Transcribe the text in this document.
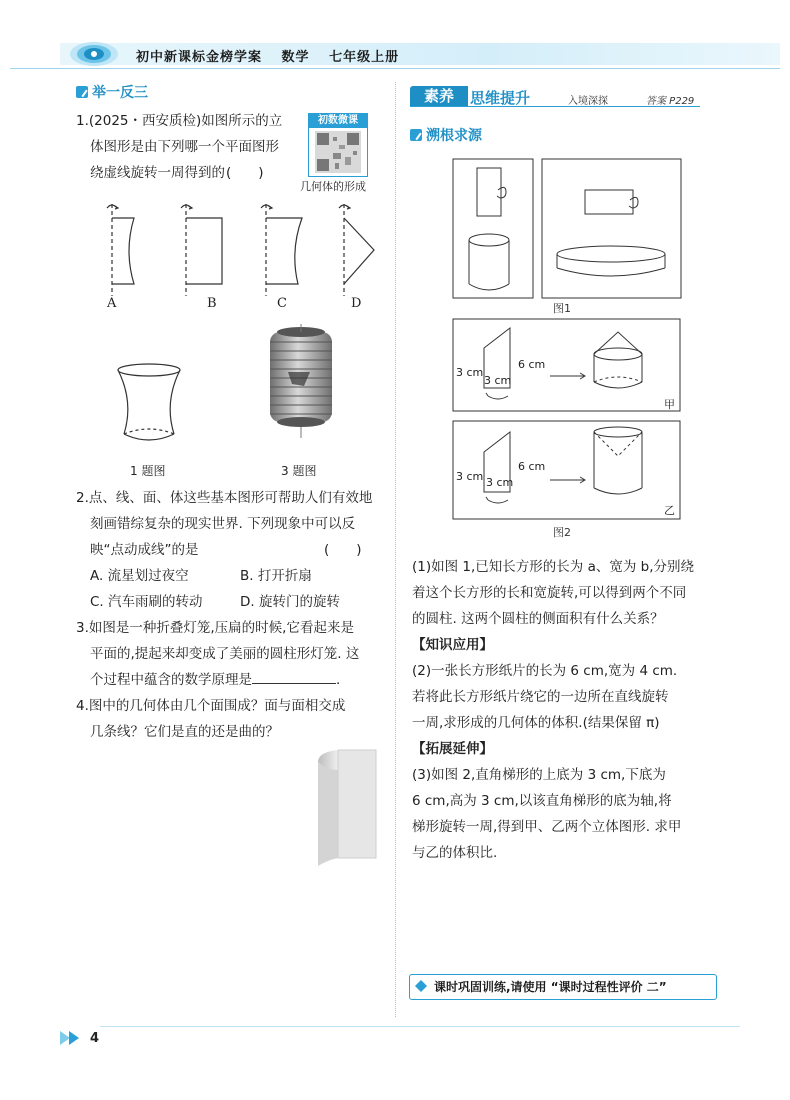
初中新课标金榜学案 数学 七年级上册
举一反三
1.(2025・西安质检)如图所示的立
体图形是由下列哪一个平面图形
绕虚线旋转一周得到的 (　　)
初数微课
几何体的形成
A	B	C	D
1 题图	3 题图
2.点、线、面、体这些基本图形可帮助人们有效地
刻画错综复杂的现实世界. 下列现象中可以反
映“点动成线”的是	(　　)
A. 流星划过夜空	B. 打开折扇
C. 汽车雨刷的转动	D. 旋转门的旋转
3.如图是一种折叠灯笼,压扁的时候,它看起来是
平面的,提起来却变成了美丽的圆柱形灯笼. 这
个过程中蕴含的数学原理是	.
4.图中的几何体由几个面围成？面与面相交成
几条线？它们是直的还是曲的？
素养	思维提升	入境深探	答案 P229
溯根求源
图1
3 cm
3 cm
6 cm
甲
3 cm 3 cm
6 cm
乙
图2
(1)如图 1,已知长方形的长为 a、宽为 b,分别绕
着这个长方形的长和宽旋转,可以得到两个不同
的圆柱. 这两个圆柱的侧面积有什么关系？
【知识应用】
(2)一张长方形纸片的长为 6 cm,宽为 4 cm.
若将此长方形纸片绕它的一边所在直线旋转
一周,求形成的几何体的体积.(结果保留 π)
【拓展延伸】
(3)如图 2,直角梯形的上底为 3 cm,下底为
6 cm,高为 3 cm,以该直角梯形的底为轴,将
梯形旋转一周,得到甲、乙两个立体图形. 求甲
与乙的体积比.
课时巩固训练,请使用 “课时过程性评价 二”
4
